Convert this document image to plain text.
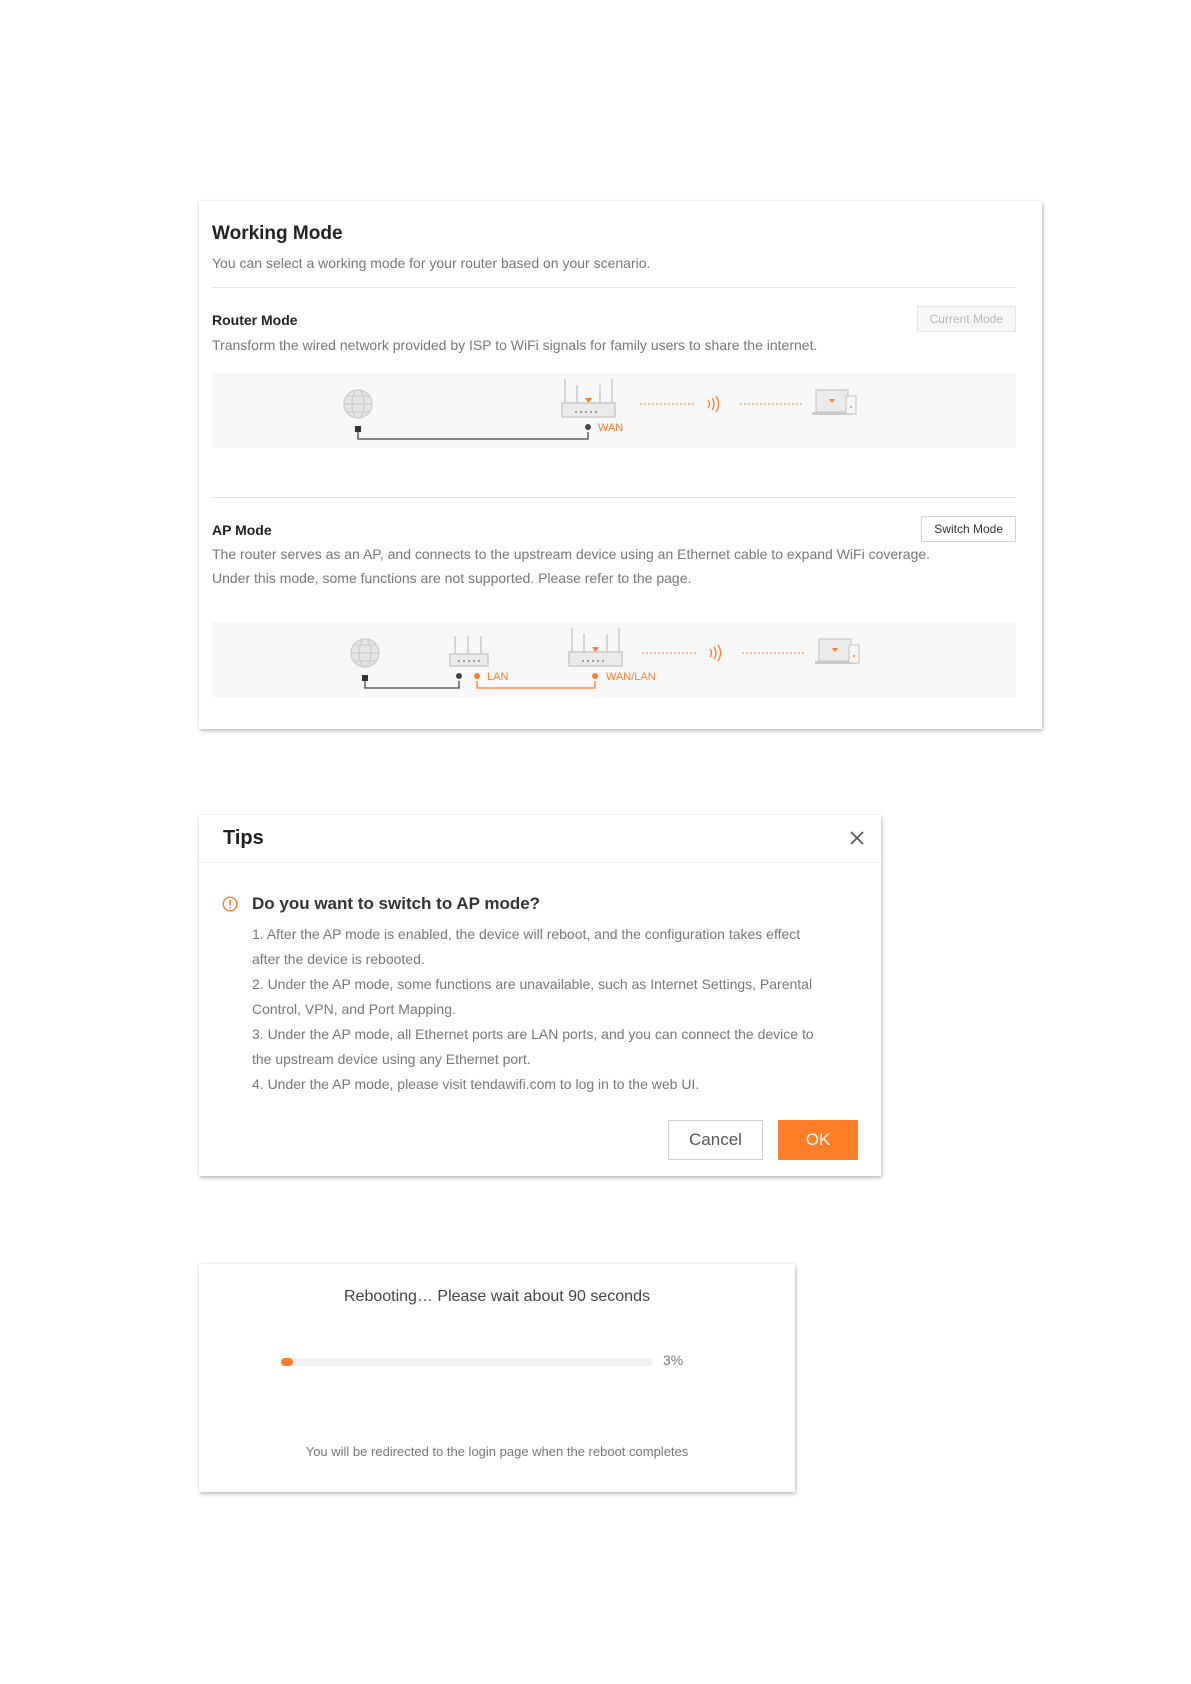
Working Mode
You can select a working mode for your router based on your scenario.
Router Mode	Current Mode
Transform the wired network provided by ISP to WiFi signals for family users to share the internet.
WAN
AP Mode	Switch Mode
The router serves as an AP, and connects to the upstream device using an Ethernet cable to expand WiFi coverage.
Under this mode, some functions are not supported. Please refer to the page.
LAN	WAN/LAN
Tips
Do you want to switch to AP mode?
1. After the AP mode is enabled, the device will reboot, and the configuration takes effect
after the device is rebooted.
2. Under the AP mode, some functions are unavailable, such as Internet Settings, Parental
Control, VPN, and Port Mapping.
3. Under the AP mode, all Ethernet ports are LAN ports, and you can connect the device to
the upstream device using any Ethernet port.
4. Under the AP mode, please visit tendawifi.com to log in to the web UI.
Cancel	OK
Rebooting… Please wait about 90 seconds
3%
You will be redirected to the login page when the reboot completes
